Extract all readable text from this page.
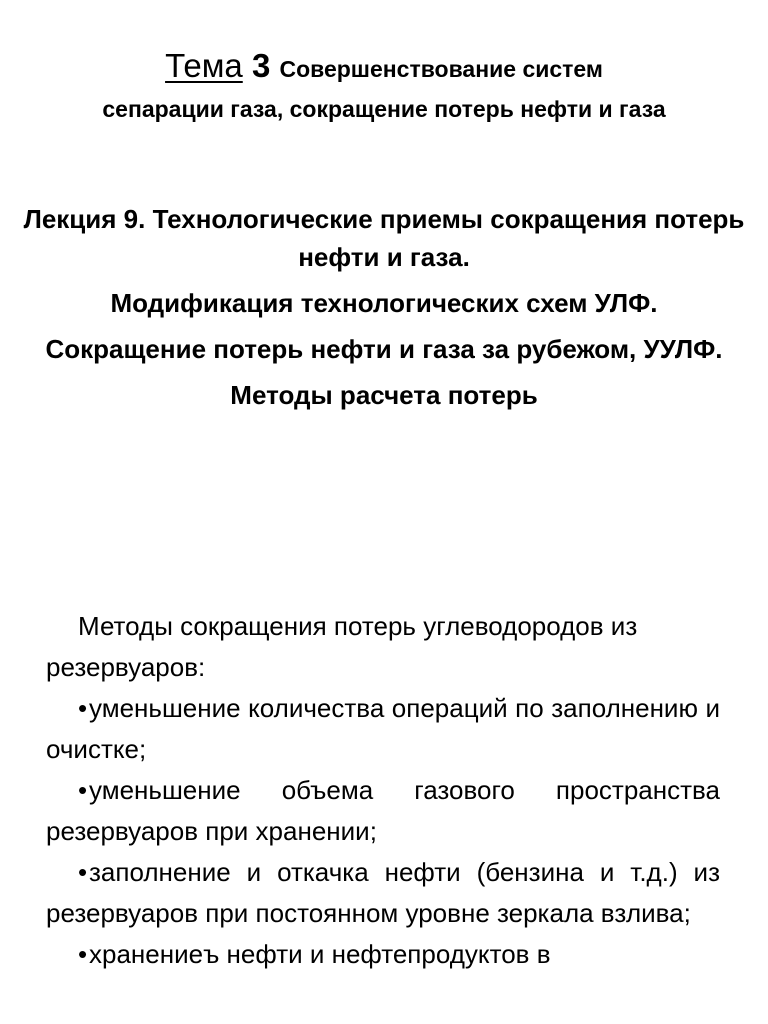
Тема 3 Совершенствование систем
сепарации газа, сокращение потерь нефти и газа

Лекция 9. Технологические приемы сокращения потерь нефти и газа.

Модификация технологических схем УЛФ.

Сокращение потерь нефти и газа за рубежом, УУЛФ.

Методы расчета потерь

Методы сокращения потерь углеводородов из резервуаров:

•уменьшение количества операций по заполнению и очистке;

•уменьшение объема газового пространства резервуаров при хранении;

•заполнение и откачка нефти (бензина и т.д.) из резервуаров при постоянном уровне зеркала взлива;

•хранениеъ нефти и нефтепродуктов в
